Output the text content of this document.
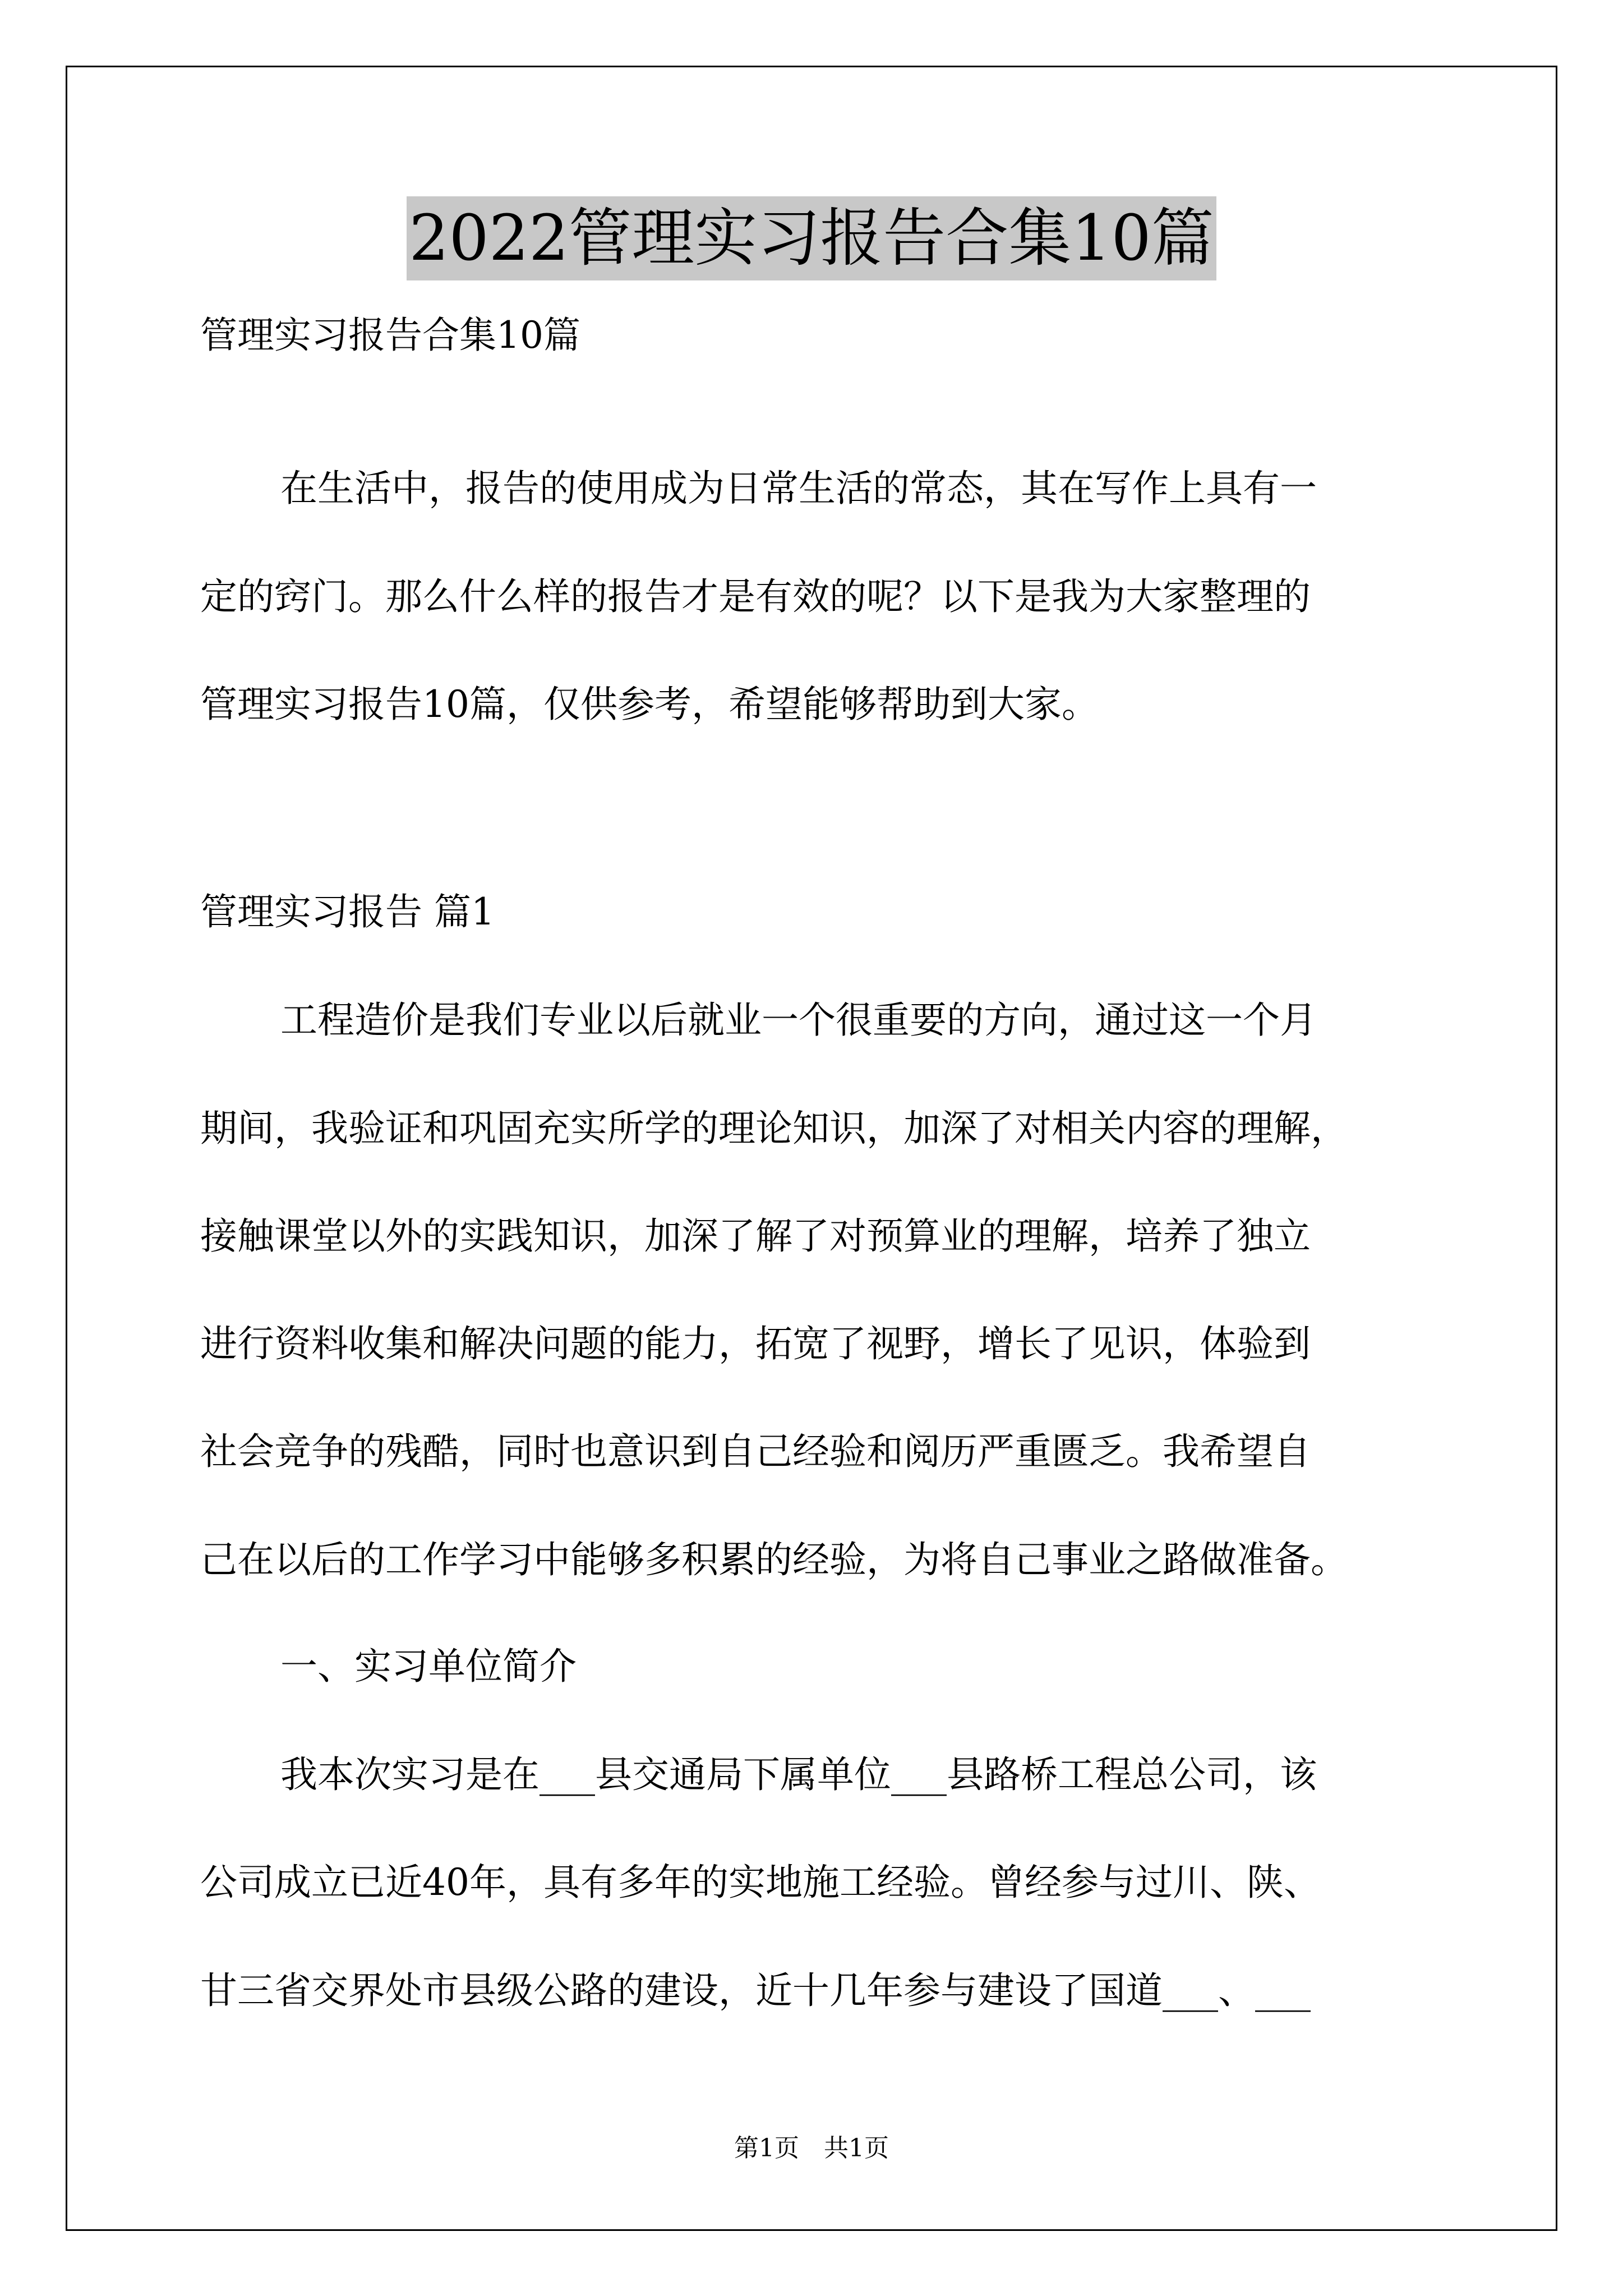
2022管理实习报告合集10篇
管理实习报告合集10篇
在生活中，报告的使用成为日常生活的常态，其在写作上具有一
定的窍门。那么什么样的报告才是有效的呢？以下是我为大家整理的
管理实习报告10篇，仅供参考，希望能够帮助到大家。
管理实习报告 篇1
工程造价是我们专业以后就业一个很重要的方向，通过这一个月
期间，我验证和巩固充实所学的理论知识，加深了对相关内容的理解，
接触课堂以外的实践知识，加深了解了对预算业的理解，培养了独立
进行资料收集和解决问题的能力，拓宽了视野，增长了见识，体验到
社会竞争的残酷，同时也意识到自己经验和阅历严重匮乏。我希望自
己在以后的工作学习中能够多积累的经验，为将自己事业之路做准备。
一、实习单位简介
我本次实习是在___县交通局下属单位___县路桥工程总公司，该
公司成立已近40年，具有多年的实地施工经验。曾经参与过川、陕、
甘三省交界处市县级公路的建设，近十几年参与建设了国道___、___
第1页　共1页
